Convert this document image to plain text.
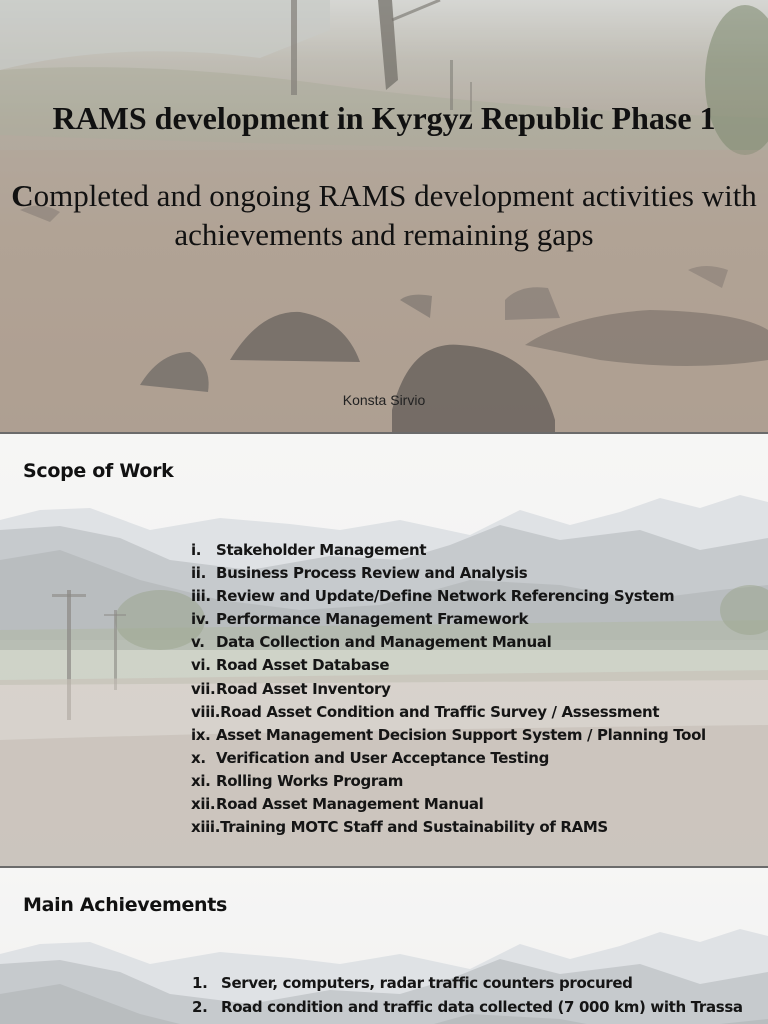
RAMS development in Kyrgyz Republic Phase 1
Completed and ongoing RAMS development activities with achievements and remaining gaps
Konsta Sirvio
Scope of Work
i. Stakeholder Management
ii. Business Process Review and Analysis
iii. Review and Update/Define Network Referencing System
iv. Performance Management Framework
v. Data Collection and Management Manual
vi. Road Asset Database
vii. Road Asset Inventory
viii. Road Asset Condition and Traffic Survey / Assessment
ix. Asset Management Decision Support System / Planning Tool
x. Verification and User Acceptance Testing
xi. Rolling Works Program
xii. Road Asset Management Manual
xiii. Training MOTC Staff and Sustainability of RAMS
Main Achievements
1. Server, computers, radar traffic counters procured
2. Road condition and traffic data collected (7 000 km) with Trassa
